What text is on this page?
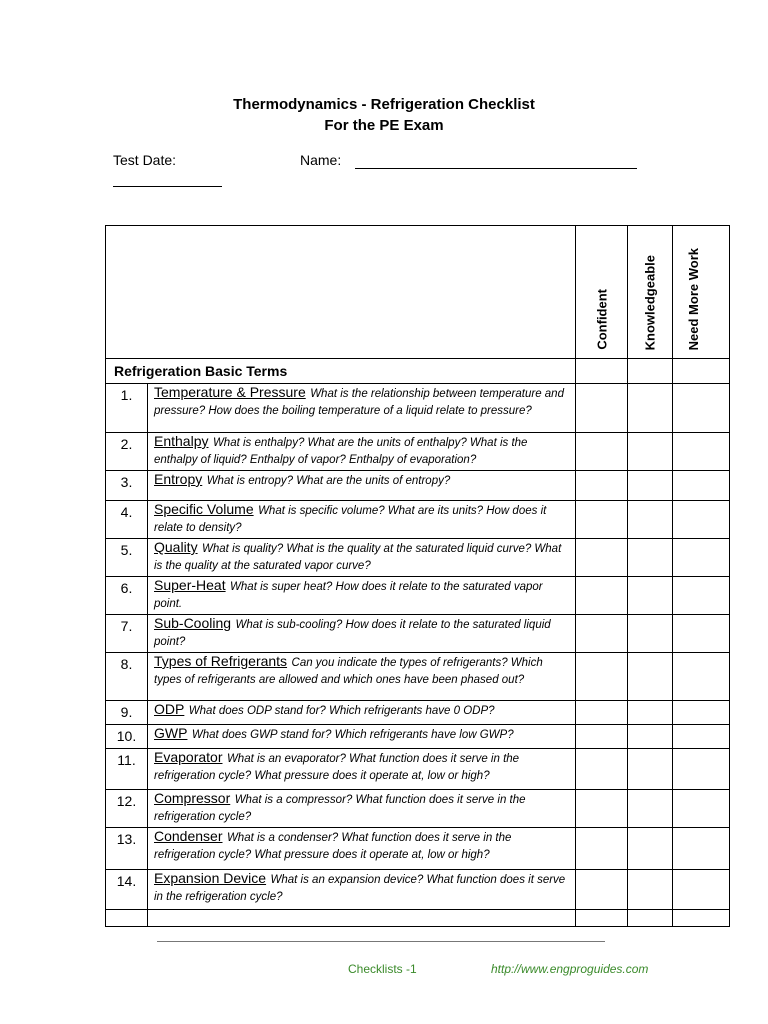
Thermodynamics - Refrigeration Checklist
For the PE Exam
Test Date:	Name:

		Confident	Knowledgeable	Need More Work

Refrigeration Basic Terms				
1.	Temperature & Pressure What is the relationship between temperature and pressure? How does the boiling temperature of a liquid relate to pressure?			
2.	Enthalpy What is enthalpy? What are the units of enthalpy? What is the enthalpy of liquid? Enthalpy of vapor? Enthalpy of evaporation?			
3.	Entropy What is entropy? What are the units of entropy?			
4.	Specific Volume What is specific volume? What are its units? How does it relate to density?			
5.	Quality What is quality? What is the quality at the saturated liquid curve? What is the quality at the saturated vapor curve?			
6.	Super-Heat What is super heat? How does it relate to the saturated vapor point.			
7.	Sub-Cooling What is sub-cooling? How does it relate to the saturated liquid point?			
8.	Types of Refrigerants Can you indicate the types of refrigerants? Which types of refrigerants are allowed and which ones have been phased out?			
9.	ODP What does ODP stand for? Which refrigerants have 0 ODP?			
10.	GWP What does GWP stand for? Which refrigerants have low GWP?			
11.	Evaporator What is an evaporator? What function does it serve in the refrigeration cycle? What pressure does it operate at, low or high?			
12.	Compressor What is a compressor? What function does it serve in the refrigeration cycle?			
13.	Condenser What is a condenser? What function does it serve in the refrigeration cycle? What pressure does it operate at, low or high?			
14.	Expansion Device What is an expansion device? What function does it serve in the refrigeration cycle?			

Checklists -1	http://www.engproguides.com
